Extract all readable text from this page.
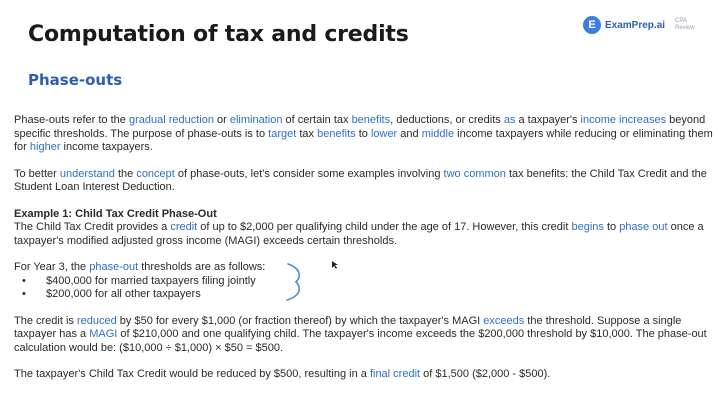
Computation of tax and credits
Phase-outs
E ExamPrep.ai CPA
Review

Phase-outs refer to the gradual reduction or elimination of certain tax benefits, deductions, or credits as a taxpayer's income increases beyond specific thresholds. The purpose of phase-outs is to target tax benefits to lower and middle income taxpayers while reducing or eliminating them for higher income taxpayers.

To better understand the concept of phase-outs, let's consider some examples involving two common tax benefits: the Child Tax Credit and the Student Loan Interest Deduction.

Example 1: Child Tax Credit Phase-Out

The Child Tax Credit provides a credit of up to $2,000 per qualifying child under the age of 17. However, this credit begins to phase out once a taxpayer's modified adjusted gross income (MAGI) exceeds certain thresholds.

For Year 3, the phase-out thresholds are as follows:

•	$400,000 for married taxpayers filing jointly
•	$200,000 for all other taxpayers

The credit is reduced by $50 for every $1,000 (or fraction thereof) by which the taxpayer's MAGI exceeds the threshold. Suppose a single taxpayer has a MAGI of $210,000 and one qualifying child. The taxpayer's income exceeds the $200,000 threshold by $10,000. The phase-out calculation would be: ($10,000 ÷ $1,000) × $50 = $500.

The taxpayer's Child Tax Credit would be reduced by $500, resulting in a final credit of $1,500 ($2,000 - $500).
